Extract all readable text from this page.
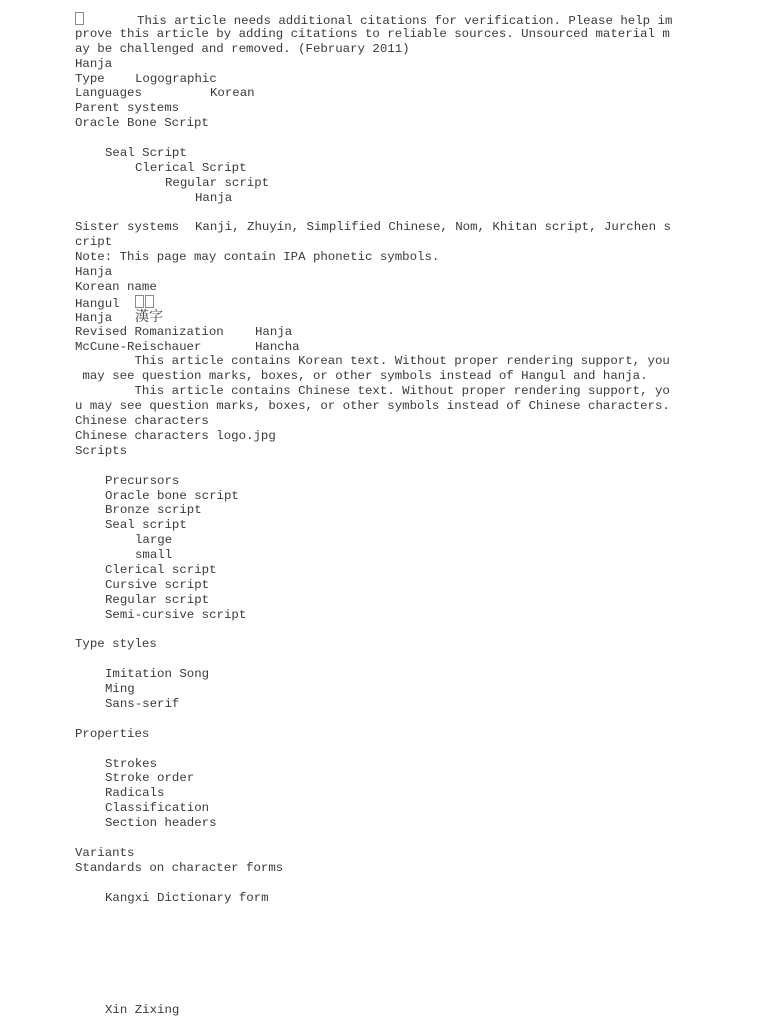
This article needs additional citations for verification. Please help im
prove this article by adding citations to reliable sources. Unsourced material m
ay be challenged and removed. (February 2011)
Hanja
Type Logographic
Languages	Korean
Parent systems
Oracle Bone Script
Seal Script
Clerical Script
Regular script
Hanja
Sister systems Kanji, Zhuyin, Simplified Chinese, Nom, Khitan script, Jurchen s
cript
Note: This page may contain IPA phonetic symbols.
Hanja
Korean name
Hangul
Hanja 漢字
Revised Romanization	Hanja
McCune-Reischauer	Hancha
This article contains Korean text. Without proper rendering support, you
may see question marks, boxes, or other symbols instead of Hangul and hanja.
This article contains Chinese text. Without proper rendering support, yo
u may see question marks, boxes, or other symbols instead of Chinese characters.
Chinese characters
Chinese characters logo.jpg
Scripts
Precursors
Oracle bone script
Bronze script
Seal script
large
small
Clerical script
Cursive script
Regular script
Semi-cursive script
Type styles
Imitation Song
Ming
Sans-serif
Properties
Strokes
Stroke order
Radicals
Classification
Section headers
Variants
Standards on character forms
Kangxi Dictionary form
Xin Zixing
